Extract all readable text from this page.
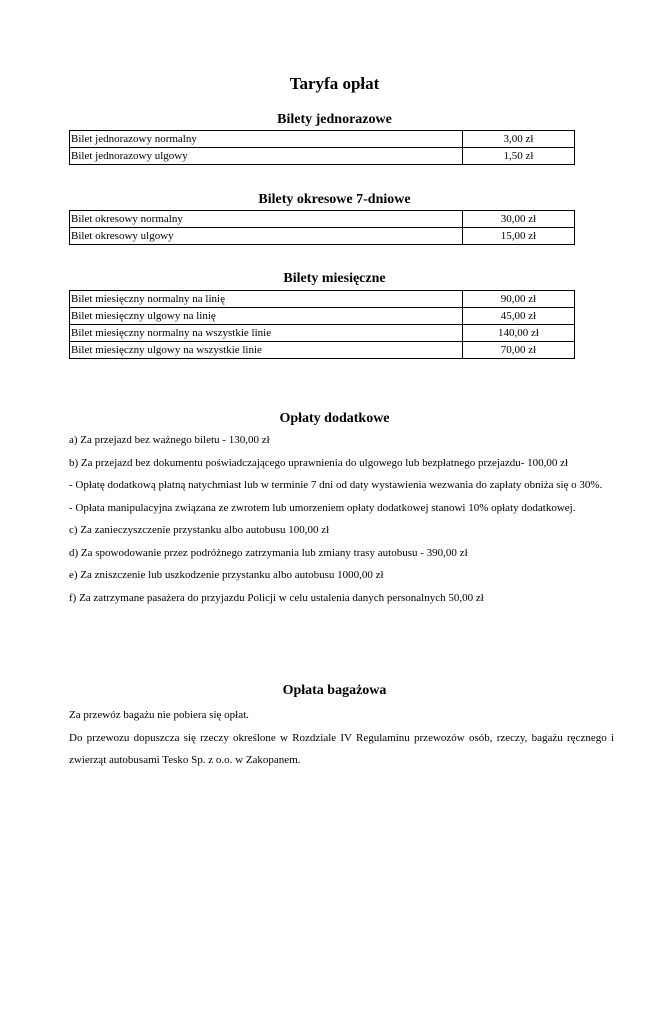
Taryfa opłat
Bilety jednorazowe
Bilet jednorazowy normalny	3,00 zł
Bilet jednorazowy ulgowy	1,50 zł
Bilety okresowe 7-dniowe
Bilet okresowy normalny	30,00 zł
Bilet okresowy ulgowy	15,00 zł
Bilety miesięczne
Bilet miesięczny normalny na linię	90,00 zł
Bilet miesięczny ulgowy na linię	45,00 zł
Bilet miesięczny normalny na wszystkie linie	140,00 zł
Bilet miesięczny ulgowy na wszystkie linie	70,00 zł
Opłaty dodatkowe

a) Za przejazd bez ważnego biletu - 130,00 zł

b) Za przejazd bez dokumentu poświadczającego uprawnienia do ulgowego lub bezpłatnego przejazdu- 100,00 zł

- Opłatę dodatkową płatną natychmiast lub w terminie 7 dni od daty wystawienia wezwania do zapłaty obniża się o 30%.

- Opłata manipulacyjna związana ze zwrotem lub umorzeniem opłaty dodatkowej stanowi 10% opłaty dodatkowej.

c) Za zanieczyszczenie przystanku albo autobusu 100,00 zł

d) Za spowodowanie przez podróżnego zatrzymania lub zmiany trasy autobusu - 390,00 zł

e) Za zniszczenie lub uszkodzenie przystanku albo autobusu 1000,00 zł

f) Za zatrzymane pasażera do przyjazdu Policji w celu ustalenia danych personalnych 50,00 zł

Opłata bagażowa

Za przewóz bagażu nie pobiera się opłat.

Do przewozu dopuszcza się rzeczy określone w Rozdziale IV Regulaminu przewozów osób, rzeczy, bagażu ręcznego i zwierząt autobusami Tesko Sp. z o.o. w Zakopanem.
